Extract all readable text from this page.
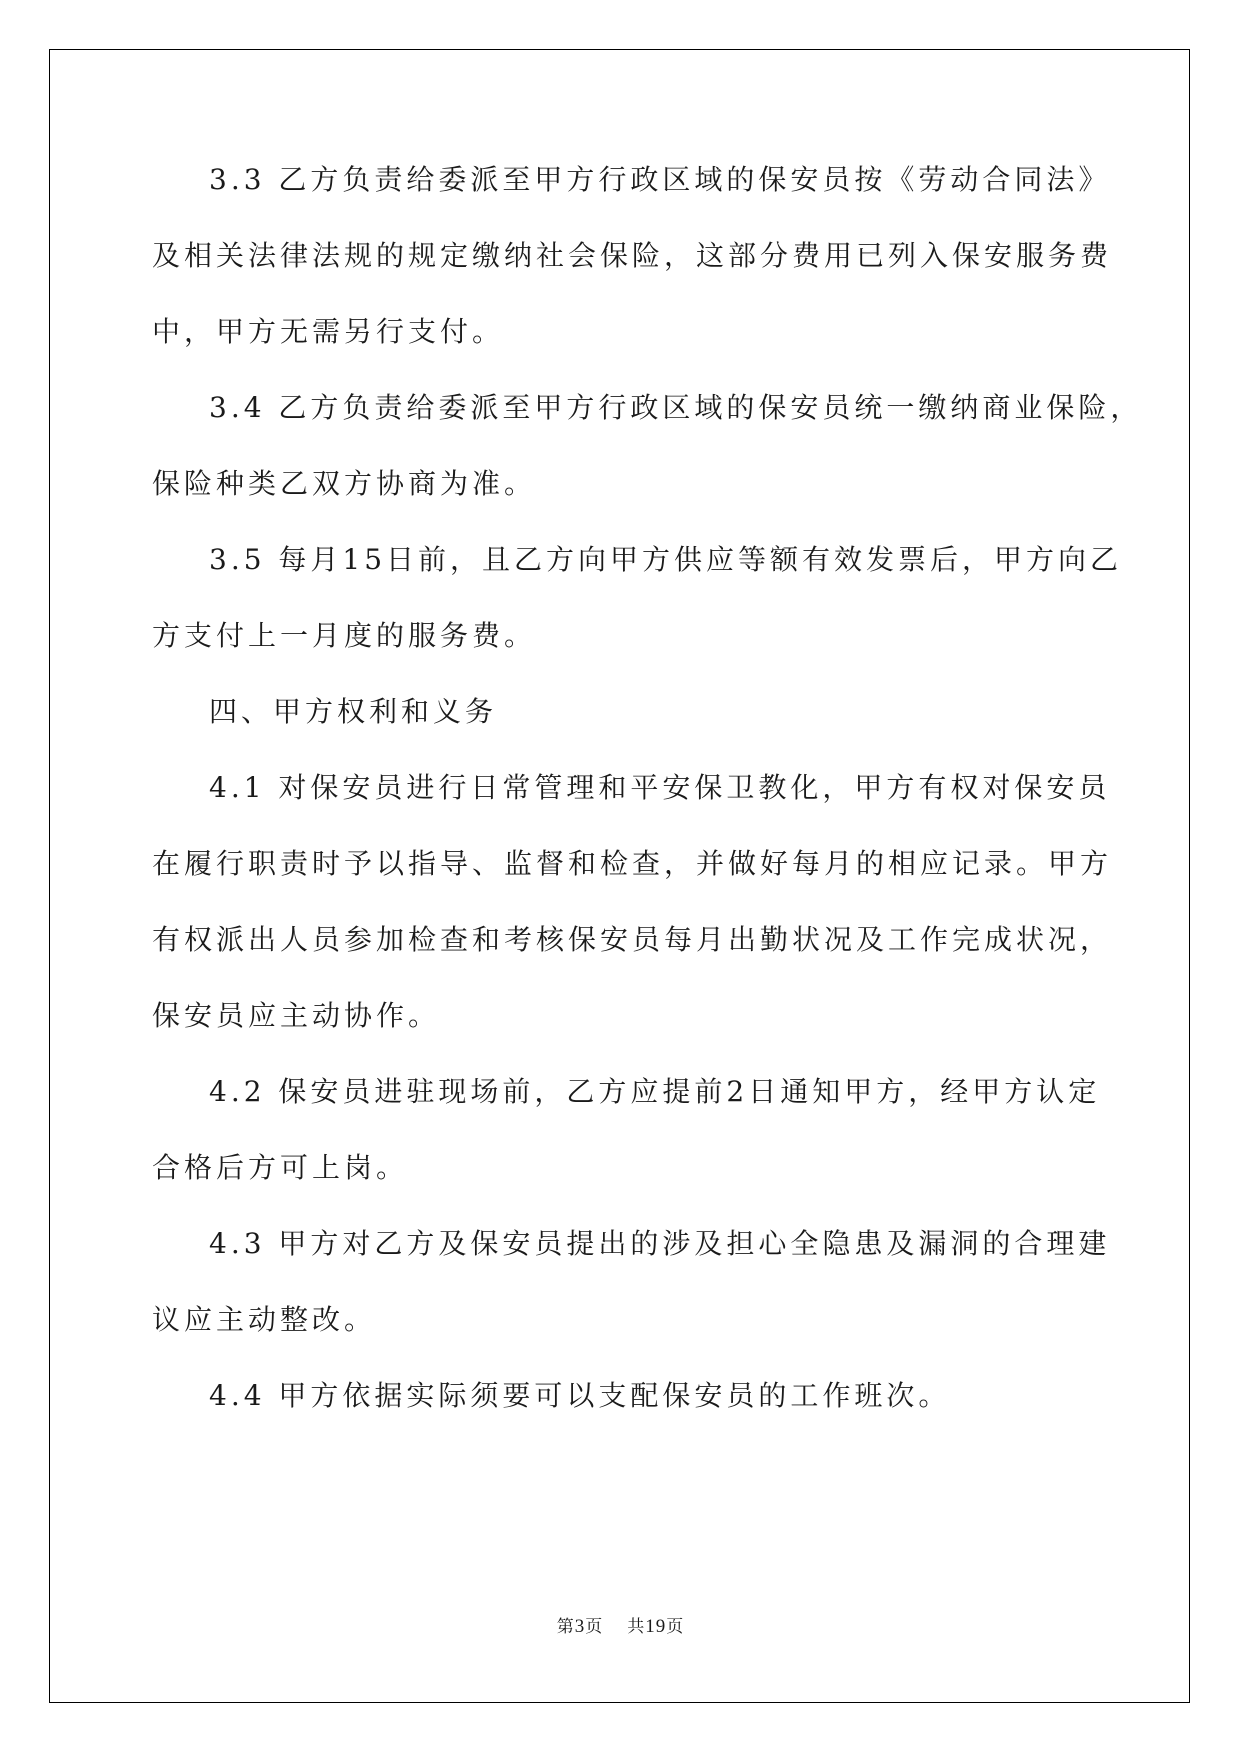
3.3 乙方负责给委派至甲方行政区域的保安员按《劳动合同法》
及相关法律法规的规定缴纳社会保险，这部分费用已列入保安服务费
中，甲方无需另行支付。
3.4 乙方负责给委派至甲方行政区域的保安员统一缴纳商业保险，
保险种类乙双方协商为准。
3.5 每月15日前，且乙方向甲方供应等额有效发票后，甲方向乙
方支付上一月度的服务费。
四、甲方权利和义务
4.1 对保安员进行日常管理和平安保卫教化，甲方有权对保安员
在履行职责时予以指导、监督和检查，并做好每月的相应记录。甲方
有权派出人员参加检查和考核保安员每月出勤状况及工作完成状况，
保安员应主动协作。
4.2 保安员进驻现场前，乙方应提前2日通知甲方，经甲方认定
合格后方可上岗。
4.3 甲方对乙方及保安员提出的涉及担心全隐患及漏洞的合理建
议应主动整改。
4.4 甲方依据实际须要可以支配保安员的工作班次。
第3页 共19页
